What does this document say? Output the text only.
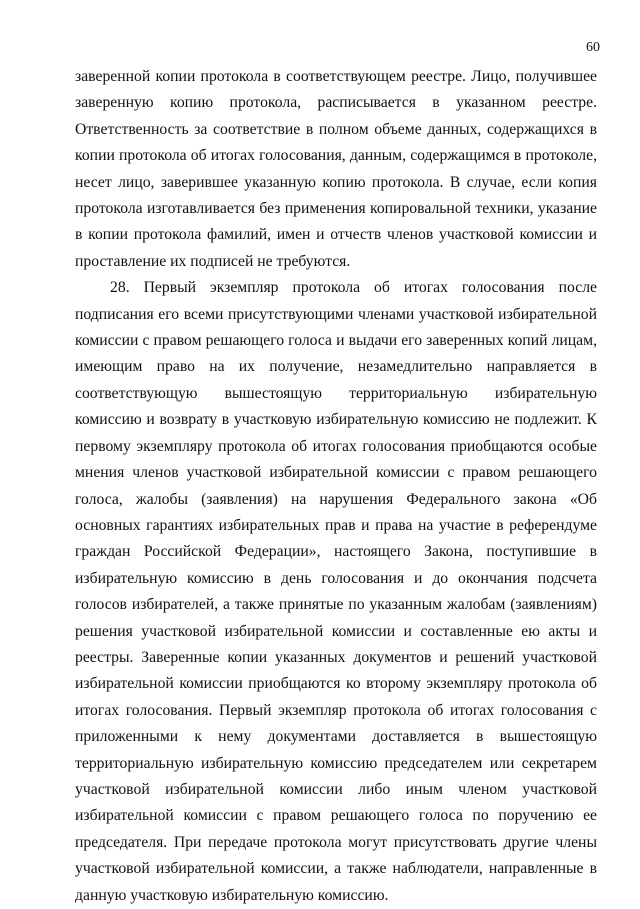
60

заверенной копии протокола в соответствующем реестре. Лицо, получившее заверенную копию протокола, расписывается в указанном реестре. Ответственность за соответствие в полном объеме данных, содержащихся в копии протокола об итогах голосования, данным, содержащимся в протоколе, несет лицо, заверившее указанную копию протокола. В случае, если копия протокола изготавливается без применения копировальной техники, указание в копии протокола фамилий, имен и отчеств членов участковой комиссии и проставление их подписей не требуются.

28. Первый экземпляр протокола об итогах голосования после подписания его всеми присутствующими членами участковой избирательной комиссии с правом решающего голоса и выдачи его заверенных копий лицам, имеющим право на их получение, незамедлительно направляется в соответствующую вышестоящую территориальную избирательную комиссию и возврату в участковую избирательную комиссию не подлежит. К первому экземпляру протокола об итогах голосования приобщаются особые мнения членов участковой избирательной комиссии с правом решающего голоса, жалобы (заявления) на нарушения Федерального закона «Об основных гарантиях избирательных прав и права на участие в референдуме граждан Российской Федерации», настоящего Закона, поступившие в избирательную комиссию в день голосования и до окончания подсчета голосов избирателей, а также принятые по указанным жалобам (заявлениям) решения участковой избирательной комиссии и составленные ею акты и реестры. Заверенные копии указанных документов и решений участковой избирательной комиссии приобщаются ко второму экземпляру протокола об итогах голосования. Первый экземпляр протокола об итогах голосования с приложенными к нему документами доставляется в вышестоящую территориальную избирательную комиссию председателем или секретарем участковой избирательной комиссии либо иным членом участковой избирательной комиссии с правом решающего голоса по поручению ее председателя. При передаче протокола могут присутствовать другие члены участковой избирательной комиссии, а также наблюдатели, направленные в данную участковую избирательную комиссию.
